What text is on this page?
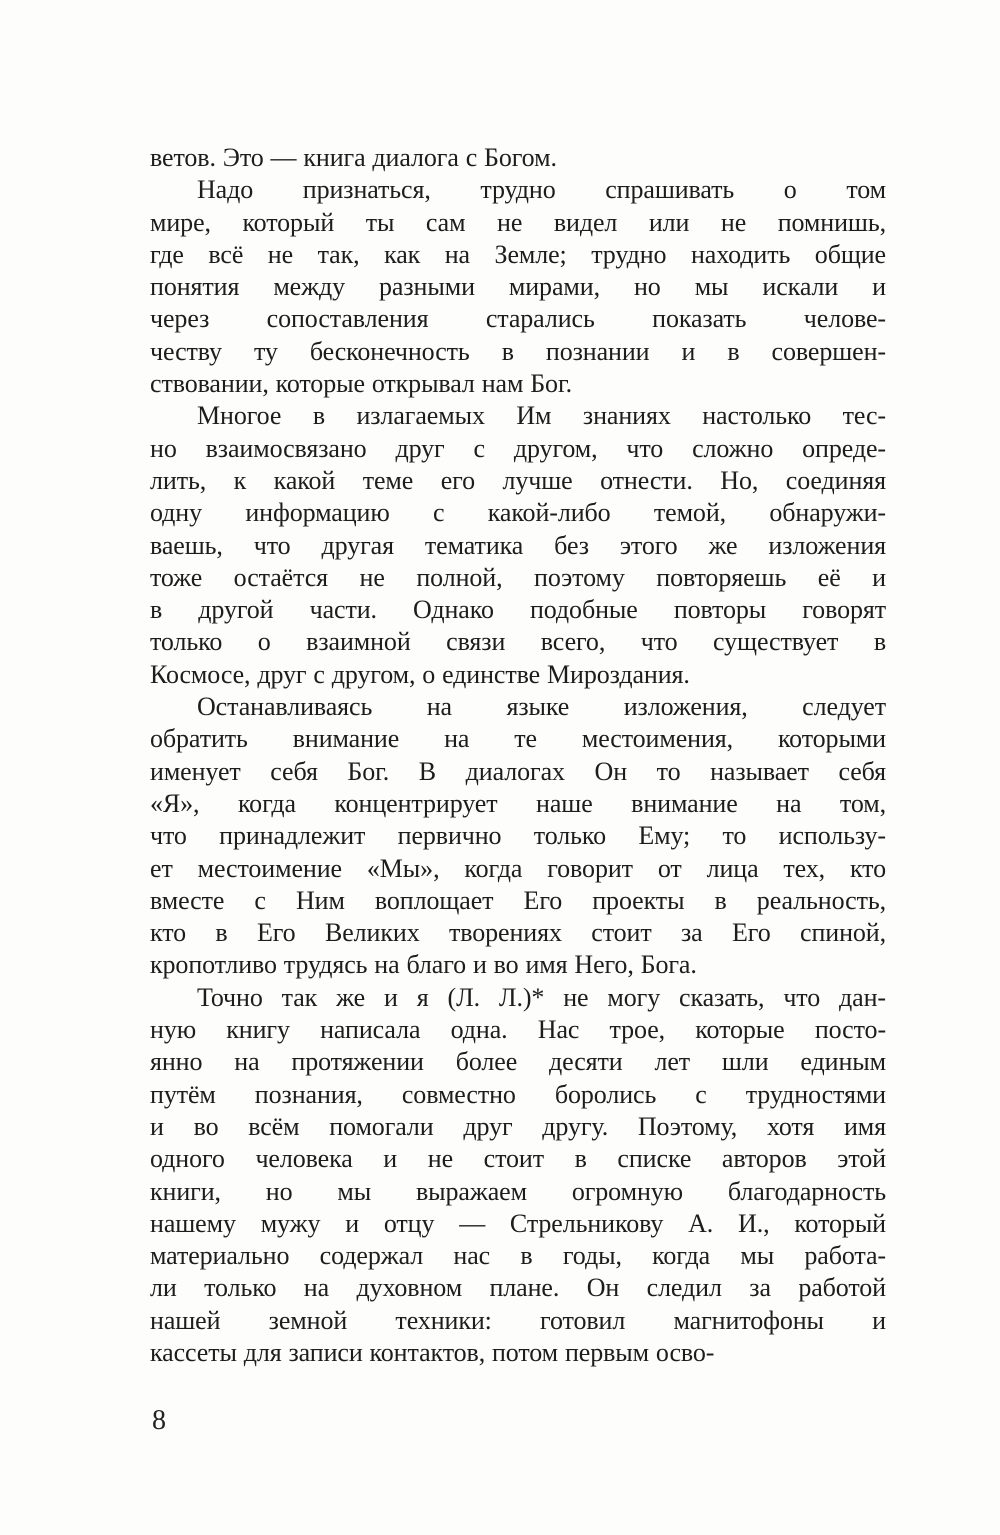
ветов. Это — книга диалога с Богом.
Надо признаться, трудно спрашивать о том
мире, который ты сам не видел или не помнишь,
где всё не так, как на Земле; трудно находить общие
понятия между разными мирами, но мы искали и
через сопоставления старались показать челове-
честву ту бесконечность в познании и в совершен-
ствовании, которые открывал нам Бог.
Многое в излагаемых Им знаниях настолько тес-
но взаимосвязано друг с другом, что сложно опреде-
лить, к какой теме его лучше отнести. Но, соединяя
одну информацию с какой-либо темой, обнаружи-
ваешь, что другая тематика без этого же изложения
тоже остаётся не полной, поэтому повторяешь её и
в другой части. Однако подобные повторы говорят
только о взаимной связи всего, что существует в
Космосе, друг с другом, о единстве Мироздания.
Останавливаясь на языке изложения, следует
обратить внимание на те местоимения, которыми
именует себя Бог. В диалогах Он то называет себя
«Я», когда концентрирует наше внимание на том,
что принадлежит первично только Ему; то использу-
ет местоимение «Мы», когда говорит от лица тех, кто
вместе с Ним воплощает Его проекты в реальность,
кто в Его Великих творениях стоит за Его спиной,
кропотливо трудясь на благо и во имя Него, Бога.
Точно так же и я (Л. Л.)* не могу сказать, что дан-
ную книгу написала одна. Нас трое, которые посто-
янно на протяжении более десяти лет шли единым
путём познания, совместно боролись с трудностями
и во всём помогали друг другу. Поэтому, хотя имя
одного человека и не стоит в списке авторов этой
книги, но мы выражаем огромную благодарность
нашему мужу и отцу — Стрельникову А. И., который
материально содержал нас в годы, когда мы работа-
ли только на духовном плане. Он следил за работой
нашей земной техники: готовил магнитофоны и
кассеты для записи контактов, потом первым осво-
8
